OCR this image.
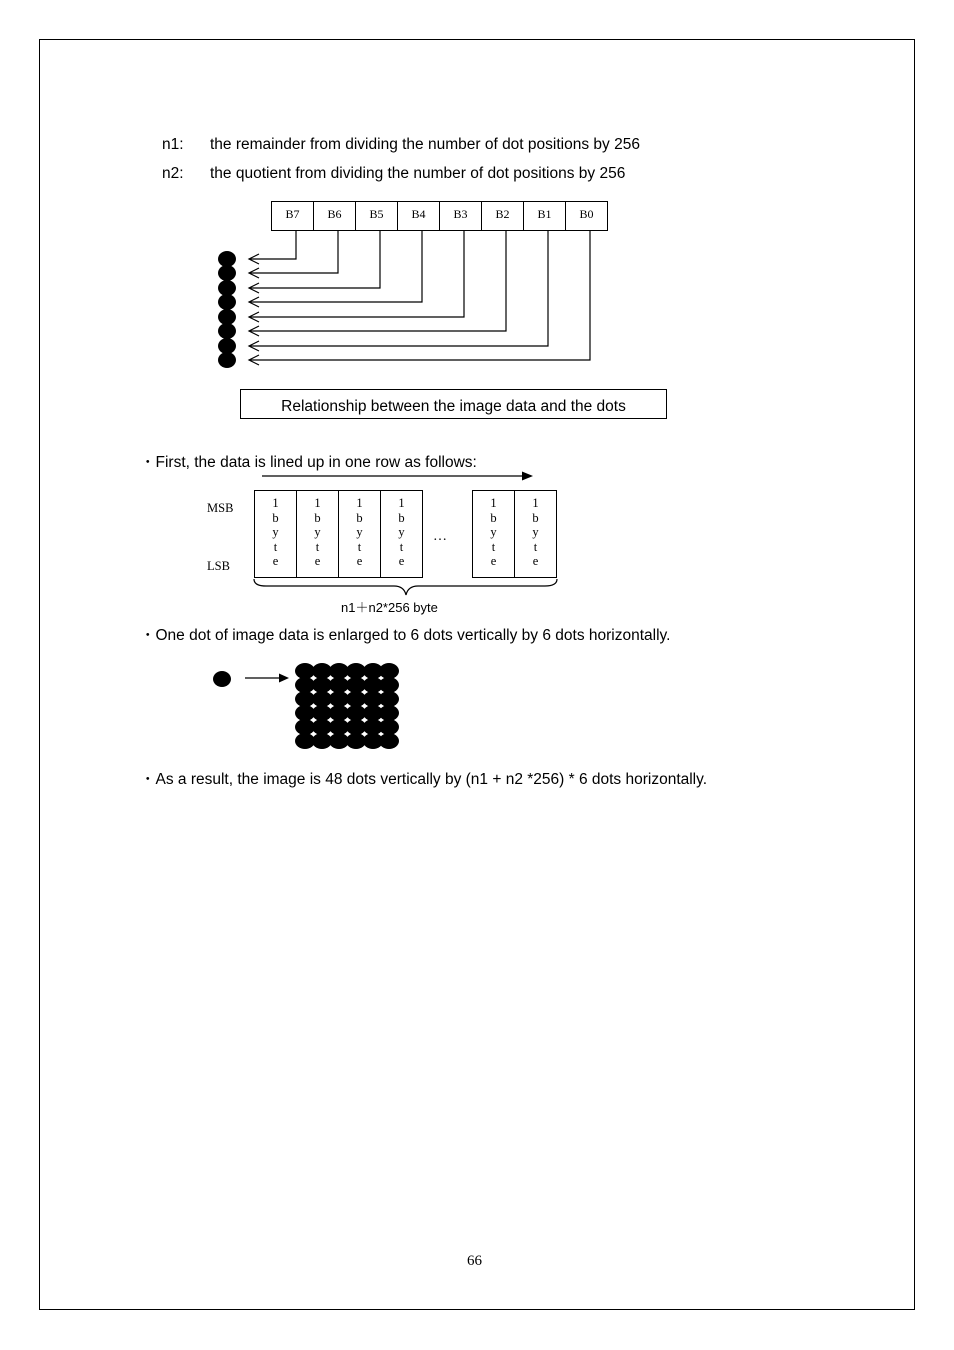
n1: the remainder from dividing the number of dot positions by 256
n2: the quotient from dividing the number of dot positions by 256
B7	B6	B5	B4	B3	B2	B1	B0
Relationship between the image data and the dots
・First, the data is lined up in one row as follows:
MSB
LSB
1
b
y
t
e
1
b
y
t
e
1
b
y
t
e
1
b
y
t
e
…
1
b
y
t
e
1
b
y
t
e
n1＋n2*256 byte
・One dot of image data is enlarged to 6 dots vertically by 6 dots horizontally.
・As a result, the image is 48 dots vertically by (n1 + n2 *256) * 6 dots horizontally.
66
